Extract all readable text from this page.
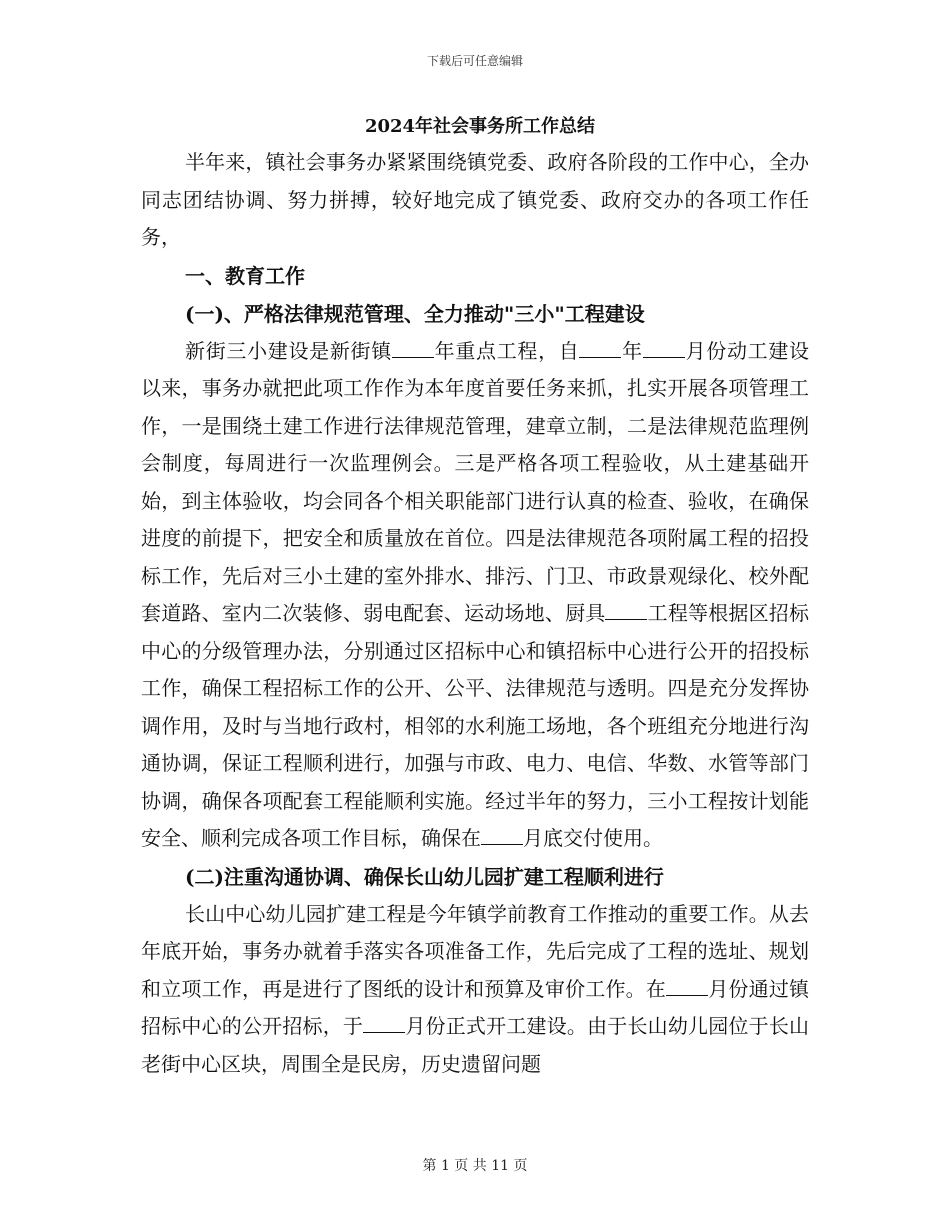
下载后可任意编辑
2024年社会事务所工作总结

半年来，镇社会事务办紧紧围绕镇党委、政府各阶段的工作中心，全办同志团结协调、努力拼搏，较好地完成了镇党委、政府交办的各项工作任务，

一、教育工作

(一)、严格法律规范管理、全力推动"三小"工程建设

新街三小建设是新街镇 年重点工程，自 年 月份动工建设以来，事务办就把此项工作作为本年度首要任务来抓，扎实开展各项管理工作，一是围绕土建工作进行法律规范管理，建章立制，二是法律规范监理例会制度，每周进行一次监理例会。三是严格各项工程验收，从土建基础开始，到主体验收，均会同各个相关职能部门进行认真的检查、验收，在确保进度的前提下，把安全和质量放在首位。四是法律规范各项附属工程的招投标工作，先后对三小土建的室外排水、排污、门卫、市政景观绿化、校外配套道路、室内二次装修、弱电配套、运动场地、厨具 工程等根据区招标中心的分级管理办法，分别通过区招标中心和镇招标中心进行公开的招投标工作，确保工程招标工作的公开、公平、法律规范与透明。四是充分发挥协调作用，及时与当地行政村，相邻的水利施工场地，各个班组充分地进行沟通协调，保证工程顺利进行，加强与市政、电力、电信、华数、水管等部门协调，确保各项配套工程能顺利实施。经过半年的努力，三小工程按计划能安全、顺利完成各项工作目标，确保在 月底交付使用。

(二)注重沟通协调、确保长山幼儿园扩建工程顺利进行

长山中心幼儿园扩建工程是今年镇学前教育工作推动的重要工作。从去年底开始，事务办就着手落实各项准备工作，先后完成了工程的选址、规划和立项工作，再是进行了图纸的设计和预算及审价工作。在 月份通过镇招标中心的公开招标，于 月份正式开工建设。由于长山幼儿园位于长山老街中心区块，周围全是民房，历史遗留问题

第 1 页 共 11 页
